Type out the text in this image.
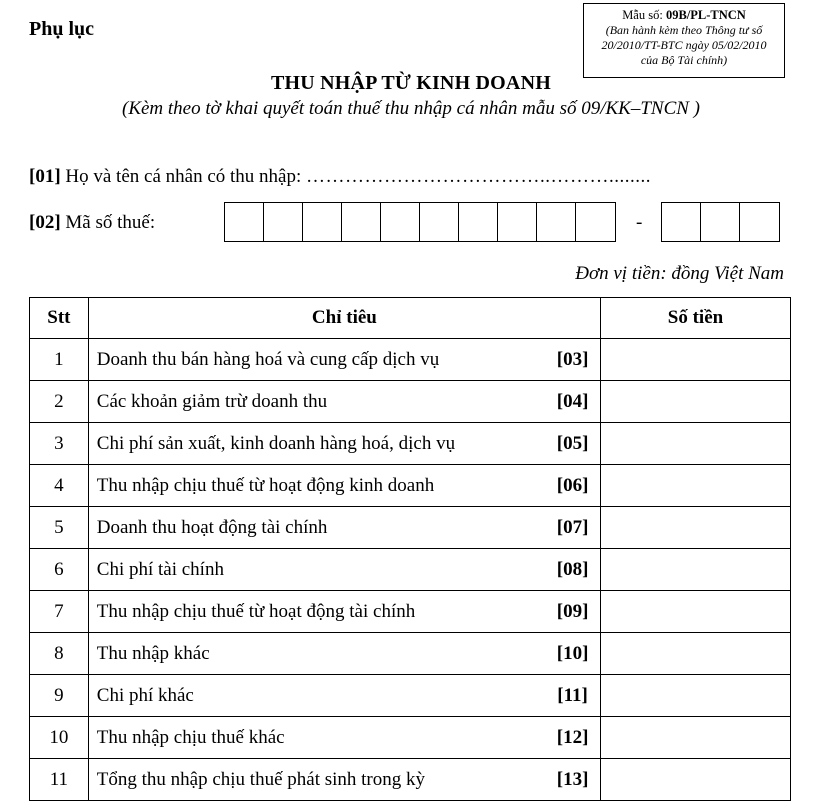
Phụ lục
Mẫu số: 09B/PL-TNCN
(Ban hành kèm theo Thông tư số 20/2010/TT-BTC ngày 05/02/2010 của Bộ Tài chính)
THU NHẬP TỪ KINH DOANH
(Kèm theo tờ khai quyết toán thuế thu nhập cá nhân mẫu số 09/KK–TNCN )
[01] Họ và tên cá nhân có thu nhập: ………………………………..………........
[02] Mã số thuế:	-
Đơn vị tiền: đồng Việt Nam
Stt	Chỉ tiêu		Số tiền
1	Doanh thu bán hàng hoá và cung cấp dịch vụ	[03]	
2	Các khoản giảm trừ doanh thu	[04]	
3	Chi phí sản xuất, kinh doanh hàng hoá, dịch vụ	[05]	
4	Thu nhập chịu thuế từ hoạt động kinh doanh	[06]	
5	Doanh thu hoạt động tài chính	[07]	
6	Chi phí tài chính	[08]	
7	Thu nhập chịu thuế từ hoạt động tài chính	[09]	
8	Thu nhập khác	[10]	
9	Chi phí khác	[11]	
10	Thu nhập chịu thuế khác	[12]	
11	Tổng thu nhập chịu thuế phát sinh trong kỳ	[13]	
